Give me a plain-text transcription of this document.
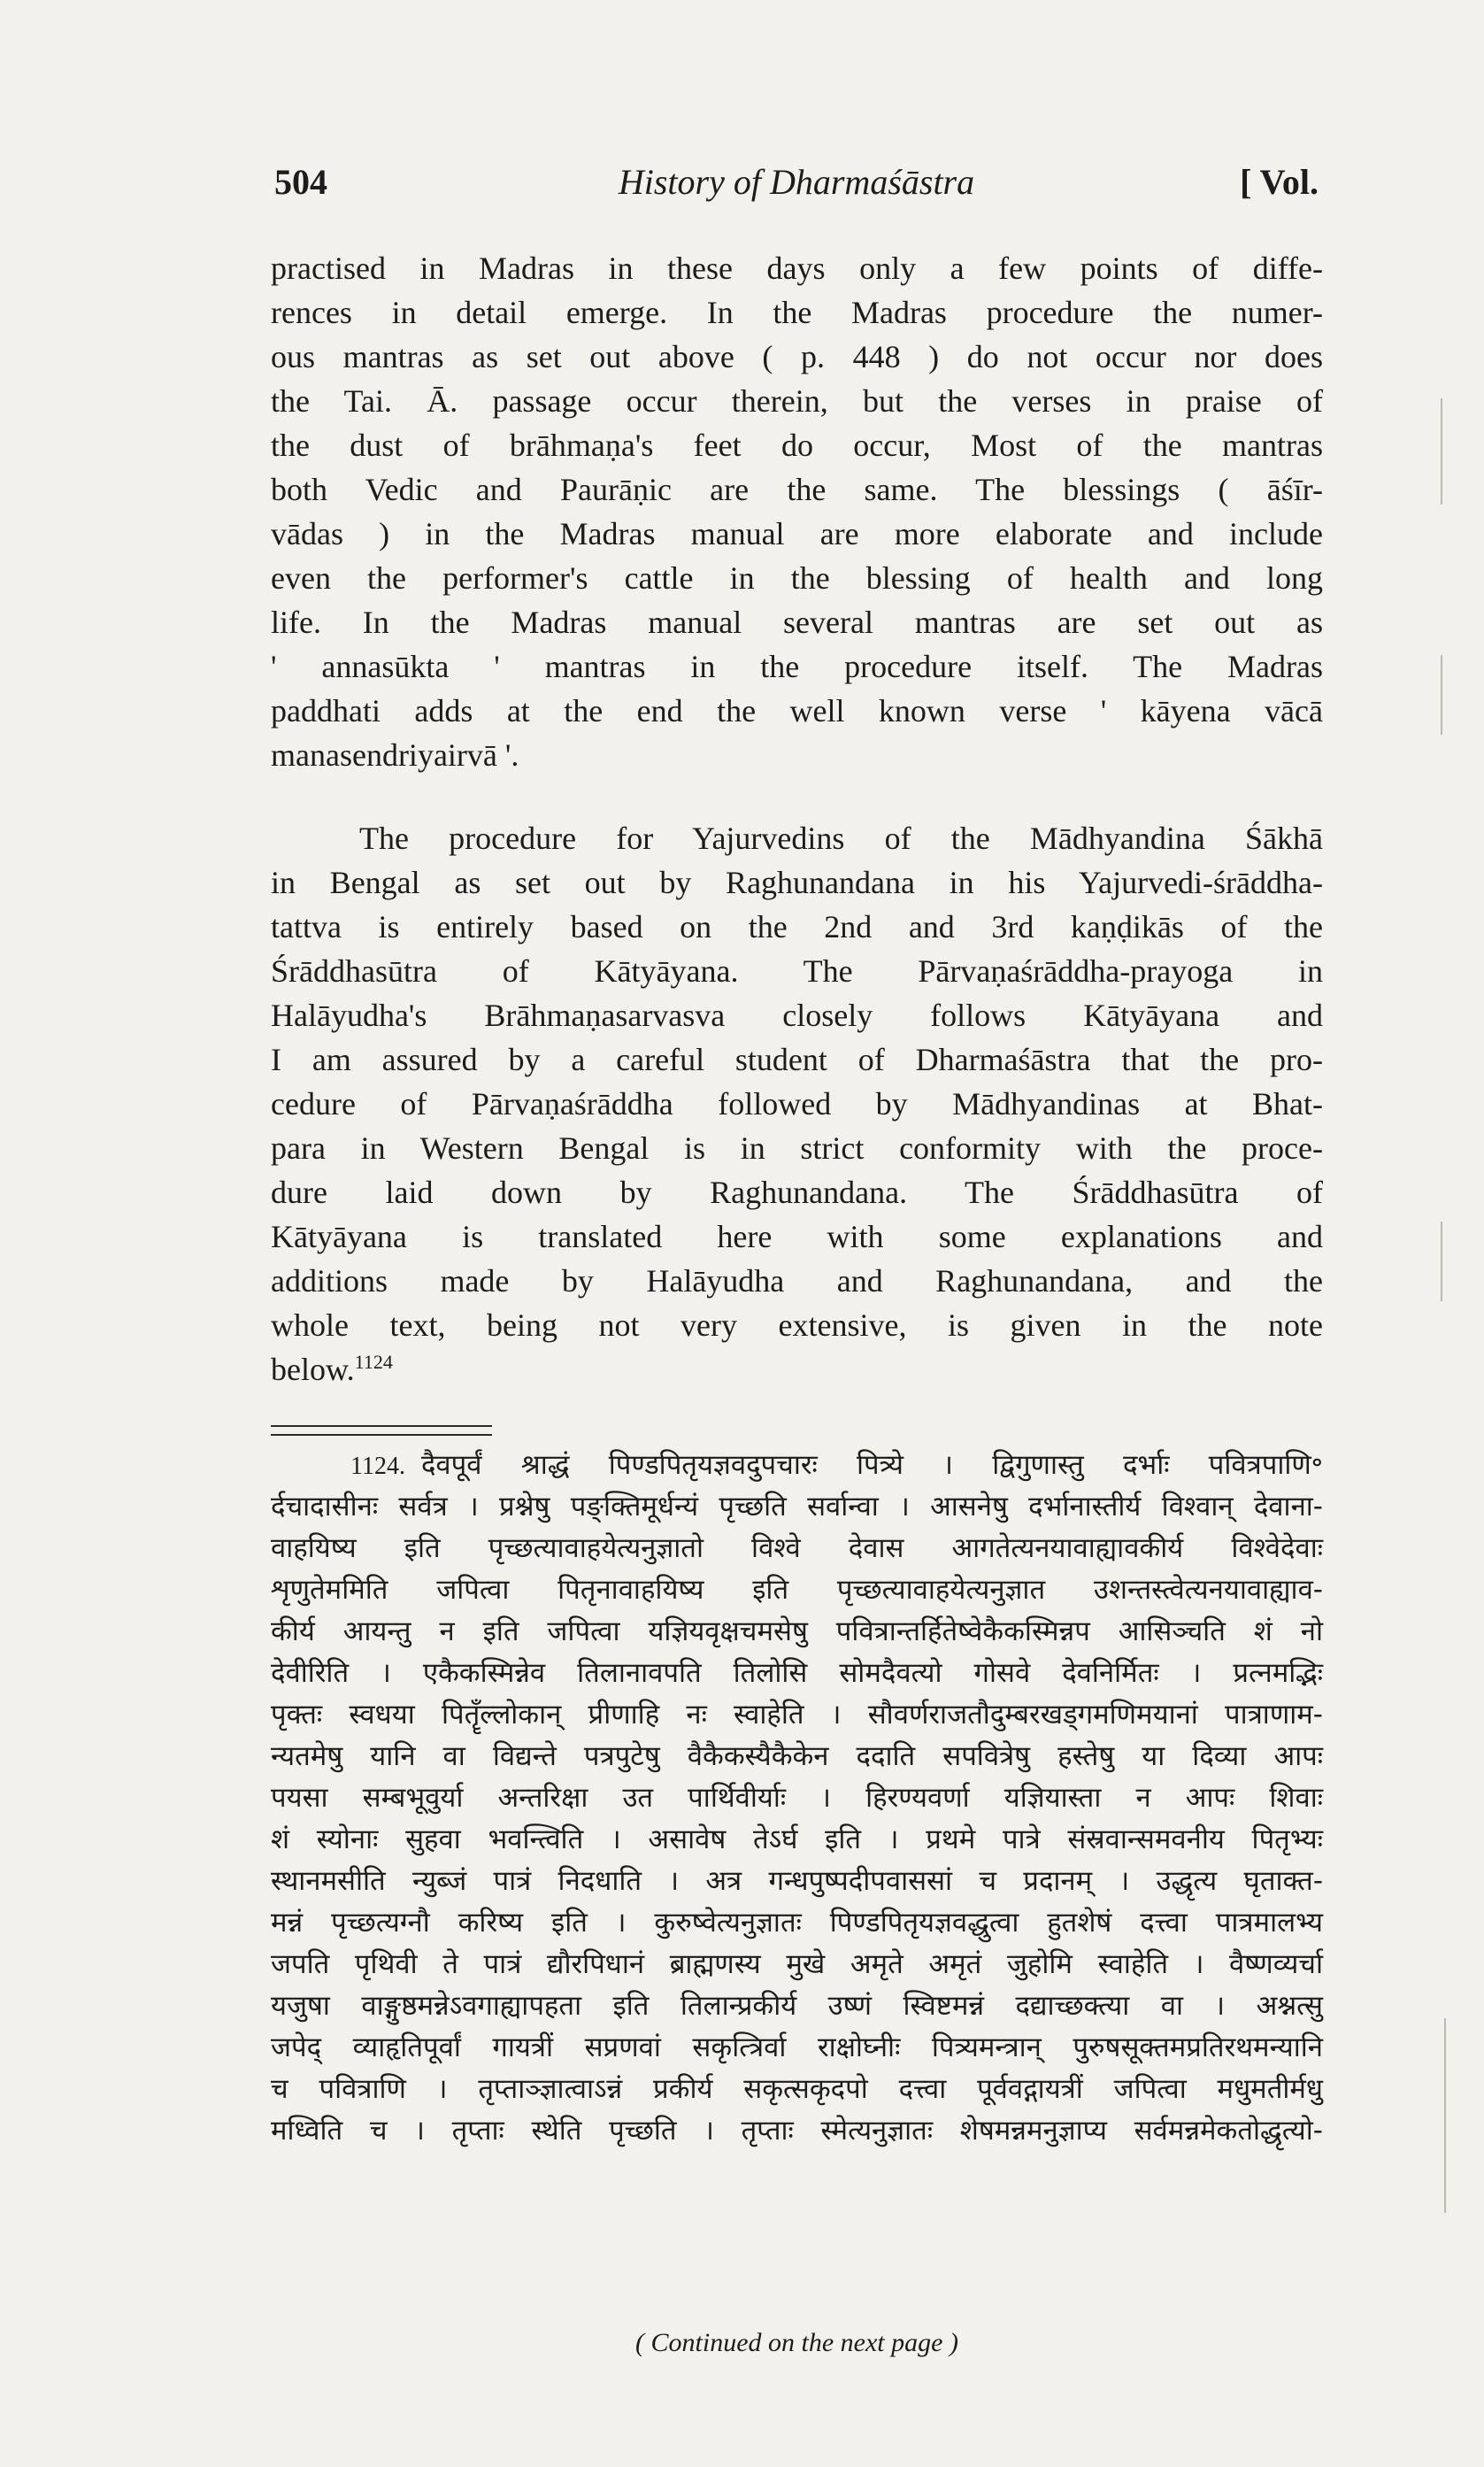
504	History of Dharmaśāstra	[ Vol.
practised in Madras in these days only a few points of diffe-
rences in detail emerge. In the Madras procedure the numer-
ous mantras as set out above ( p. 448 ) do not occur nor does
the Tai. Ā. passage occur therein, but the verses in praise of
the dust of brāhmaṇa's feet do occur, Most of the mantras
both Vedic and Paurāṇic are the same. The blessings ( āśīr-
vādas ) in the Madras manual are more elaborate and include
even the performer's cattle in the blessing of health and long
life. In the Madras manual several mantras are set out as
' annasūkta ' mantras in the procedure itself. The Madras
paddhati adds at the end the well known verse ' kāyena vācā
manasendriyairvā '.
The procedure for Yajurvedins of the Mādhyandina Śākhā
in Bengal as set out by Raghunandana in his Yajurvedi-śrāddha-
tattva is entirely based on the 2nd and 3rd kaṇḍikās of the
Śrāddhasūtra of Kātyāyana. The Pārvaṇaśrāddha-prayoga in
Halāyudha's Brāhmaṇasarvasva closely follows Kātyāyana and
I am assured by a careful student of Dharmaśāstra that the pro-
cedure of Pārvaṇaśrāddha followed by Mādhyandinas at Bhat-
para in Western Bengal is in strict conformity with the proce-
dure laid down by Raghunandana. The Śrāddhasūtra of
Kātyāyana is translated here with some explanations and
additions made by Halāyudha and Raghunandana, and the
whole text, being not very extensive, is given in the note
below.$^{1124}$
1124. दैवपूर्वं श्राद्धं पिण्डपितृयज्ञवदुपचारः पित्र्ये । द्विगुणास्तु दर्भाः पवित्रपाणि॰
र्दचादासीनः सर्वत्र । प्रश्नेषु पङ्क्तिमूर्धन्यं पृच्छति सर्वान्वा । आसनेषु दर्भानास्तीर्य विश्वान् देवाना-
वाहयिष्य इति पृच्छत्यावाहयेत्यनुज्ञातो विश्वे देवास आगतेत्यनयावाह्यावकीर्य विश्वेदेवाः
शृणुतेममिति जपित्वा पितृनावाहयिष्य इति पृच्छत्यावाहयेत्यनुज्ञात उशन्तस्त्वेत्यनयावाह्याव-
कीर्य आयन्तु न इति जपित्वा यज्ञियवृक्षचमसेषु पवित्रान्तर्हितेष्वेकैकस्मिन्नप आसिञ्चति शं नो
देवीरिति । एकैकस्मिन्नेव तिलानावपति तिलोसि सोमदैवत्यो गोसवे देवनिर्मितः । प्रत्नमद्भिः
पृक्तः स्वधया पितॄँल्लोकान् प्रीणाहि नः स्वाहेति । सौवर्णराजतौदुम्बरखड्गमणिमयानां पात्राणाम-
न्यतमेषु यानि वा विद्यन्ते पत्रपुटेषु वैकैकस्यैकैकेन ददाति सपवित्रेषु हस्तेषु या दिव्या आपः
पयसा सम्बभूवुर्या अन्तरिक्षा उत पार्थिवीर्याः । हिरण्यवर्णा यज्ञियास्ता न आपः शिवाः
शं स्योनाः सुहवा भवन्त्विति । असावेष तेऽर्घ इति । प्रथमे पात्रे संस्रवान्समवनीय पितृभ्यः
स्थानमसीति न्युब्जं पात्रं निदधाति । अत्र गन्धपुष्पदीपवाससां च प्रदानम् । उद्धृत्य घृताक्त-
मन्नं पृच्छत्यग्नौ करिष्य इति । कुरुष्वेत्यनुज्ञातः पिण्डपितृयज्ञवद्धुत्वा हुतशेषं दत्त्वा पात्रमालभ्य
जपति पृथिवी ते पात्रं द्यौरपिधानं ब्राह्मणस्य मुखे अमृते अमृतं जुहोमि स्वाहेति । वैष्णव्यर्चा
यजुषा वाङ्गुष्ठमन्नेऽवगाह्यापहता इति तिलान्प्रकीर्य उष्णं स्विष्टमन्नं दद्याच्छक्त्या वा । अश्नत्सु
जपेद् व्याहृतिपूर्वां गायत्रीं सप्रणवां सकृत्त्रिर्वा राक्षोघ्नीः पित्र्यमन्त्रान् पुरुषसूक्तमप्रतिरथमन्यानि
च पवित्राणि । तृप्ताञ्ज्ञात्वाऽन्नं प्रकीर्य सकृत्सकृदपो दत्त्वा पूर्ववद्गायत्रीं जपित्वा मधुमतीर्मधु
मध्विति च । तृप्ताः स्थेति पृच्छति । तृप्ताः स्मेत्यनुज्ञातः शेषमन्नमनुज्ञाप्य सर्वमन्नमेकतोद्धृत्यो-
( Continued on the next page )
